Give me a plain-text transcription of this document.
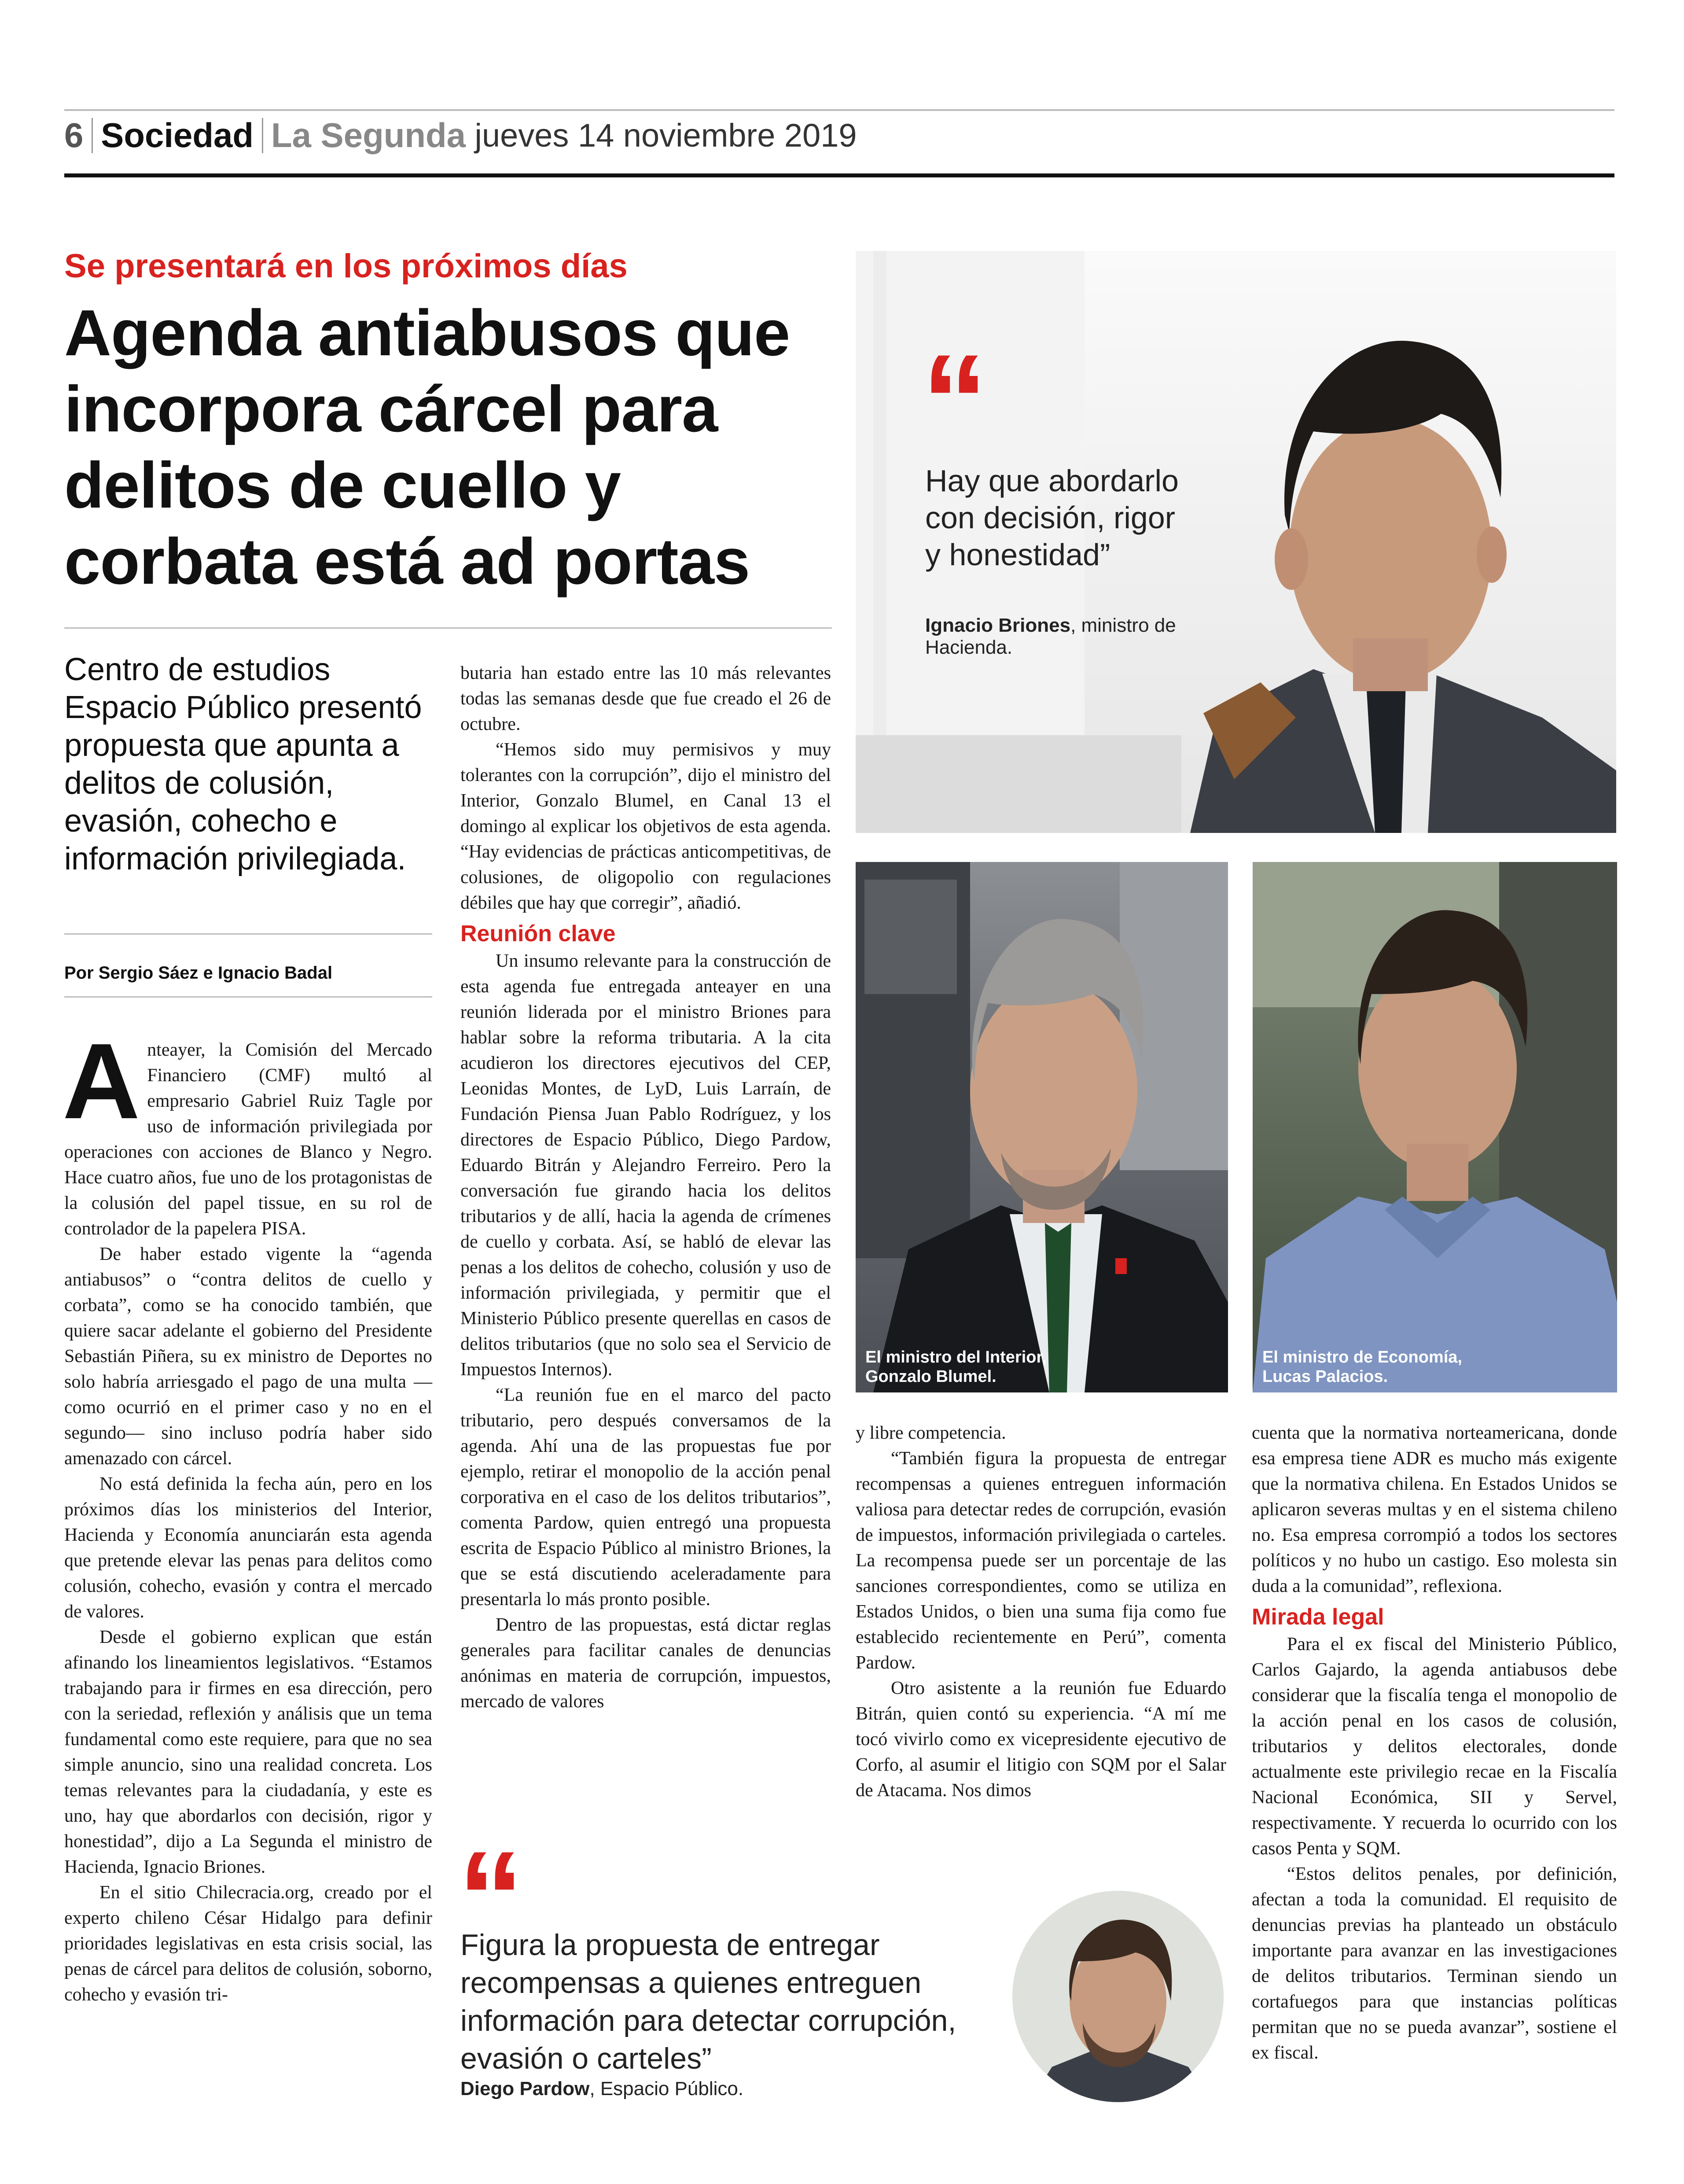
6 Sociedad La Segunda jueves 14 noviembre 2019
Se presentará en los próximos días
Agenda antiabusos que incorpora cárcel para delitos de cuello y corbata está ad portas
Centro de estudios Espacio Público presentó propuesta que apunta a delitos de colusión, evasión, cohecho e información privilegiada.
Por Sergio Sáez e Ignacio Badal
A nteayer, la Comisión del Mercado Financiero (CMF) multó al empresario Gabriel Ruiz Tagle por uso de información privilegiada por operaciones con acciones de Blanco y Negro. Hace cuatro años, fue uno de los protagonistas de la colusión del papel tissue, en su rol de controlador de la papelera PISA.

De haber estado vigente la “agenda antiabusos” o “contra delitos de cuello y corbata”, como se ha conocido también, que quiere sacar adelante el gobierno del Presidente Sebastián Piñera, su ex ministro de Deportes no solo habría arriesgado el pago de una multa —como ocurrió en el primer caso y no en el segundo— sino incluso podría haber sido amenazado con cárcel.

No está definida la fecha aún, pero en los próximos días los ministerios del Interior, Hacienda y Economía anunciarán esta agenda que pretende elevar las penas para delitos como colusión, cohecho, evasión y contra el mercado de valores.

Desde el gobierno explican que están afinando los lineamientos legislativos. “Estamos trabajando para ir firmes en esa dirección, pero con la seriedad, reflexión y análisis que un tema fundamental como este requiere, para que no sea simple anuncio, sino una realidad concreta. Los temas relevantes para la ciudadanía, y este es uno, hay que abordarlos con decisión, rigor y honestidad”, dijo a La Segunda el ministro de Hacienda, Ignacio Briones.

En el sitio Chilecracia.org, creado por el experto chileno César Hidalgo para definir prioridades legislativas en esta crisis social, las penas de cárcel para delitos de colusión, soborno, cohecho y evasión tri-

butaria han estado entre las 10 más relevantes todas las semanas desde que fue creado el 26 de octubre.

“Hemos sido muy permisivos y muy tolerantes con la corrupción”, dijo el ministro del Interior, Gonzalo Blumel, en Canal 13 el domingo al explicar los objetivos de esta agenda. “Hay evidencias de prácticas anticompetitivas, de colusiones, de oligopolio con regulaciones débiles que hay que corregir”, añadió.

Reunión clave

Un insumo relevante para la construcción de esta agenda fue entregada anteayer en una reunión liderada por el ministro Briones para hablar sobre la reforma tributaria. A la cita acudieron los directores ejecutivos del CEP, Leonidas Montes, de LyD, Luis Larraín, de Fundación Piensa Juan Pablo Rodríguez, y los directores de Espacio Público, Diego Pardow, Eduardo Bitrán y Alejandro Ferreiro. Pero la conversación fue girando hacia los delitos tributarios y de allí, hacia la agenda de crímenes de cuello y corbata. Así, se habló de elevar las penas a los delitos de cohecho, colusión y uso de información privilegiada, y permitir que el Ministerio Público presente querellas en casos de delitos tributarios (que no solo sea el Servicio de Impuestos Internos).

“La reunión fue en el marco del pacto tributario, pero después conversamos de la agenda. Ahí una de las propuestas fue por ejemplo, retirar el monopolio de la acción penal corporativa en el caso de los delitos tributarios”, comenta Pardow, quien entregó una propuesta escrita de Espacio Público al ministro Briones, la que se está discutiendo aceleradamente para presentarla lo más pronto posible.

Dentro de las propuestas, está dictar reglas generales para facilitar canales de denuncias anónimas en materia de corrupción, impuestos, mercado de valores

“
Hay que abordarlo con decisión, rigor y honestidad”
Ignacio Briones, ministro de Hacienda.
El ministro del Interior,
Gonzalo Blumel.
El ministro de Economía,
Lucas Palacios.

y libre competencia.

“También figura la propuesta de entregar recompensas a quienes entreguen información valiosa para detectar redes de corrupción, evasión de impuestos, información privilegiada o carteles. La recompensa puede ser un porcentaje de las sanciones correspondientes, como se utiliza en Estados Unidos, o bien una suma fija como fue establecido recientemente en Perú”, comenta Pardow.

Otro asistente a la reunión fue Eduardo Bitrán, quien contó su experiencia. “A mí me tocó vivirlo como ex vicepresidente ejecutivo de Corfo, al asumir el litigio con SQM por el Salar de Atacama. Nos dimos

cuenta que la normativa norteamericana, donde esa empresa tiene ADR es mucho más exigente que la normativa chilena. En Estados Unidos se aplicaron severas multas y en el sistema chileno no. Esa empresa corrompió a todos los sectores políticos y no hubo un castigo. Eso molesta sin duda a la comunidad”, reflexiona.

Mirada legal

Para el ex fiscal del Ministerio Público, Carlos Gajardo, la agenda antiabusos debe considerar que la fiscalía tenga el monopolio de la acción penal en los casos de colusión, tributarios y delitos electorales, donde actualmente este privilegio recae en la Fiscalía Nacional Económica, SII y Servel, respectivamente. Y recuerda lo ocurrido con los casos Penta y SQM.

“Estos delitos penales, por definición, afectan a toda la comunidad. El requisito de denuncias previas ha planteado un obstáculo importante para avanzar en las investigaciones de delitos tributarios. Terminan siendo un cortafuegos para que instancias políticas permitan que no se pueda avanzar”, sostiene el ex fiscal.

“
Figura la propuesta de entregar recompensas a quienes entreguen información para detectar corrupción, evasión o carteles”
Diego Pardow, Espacio Público.
